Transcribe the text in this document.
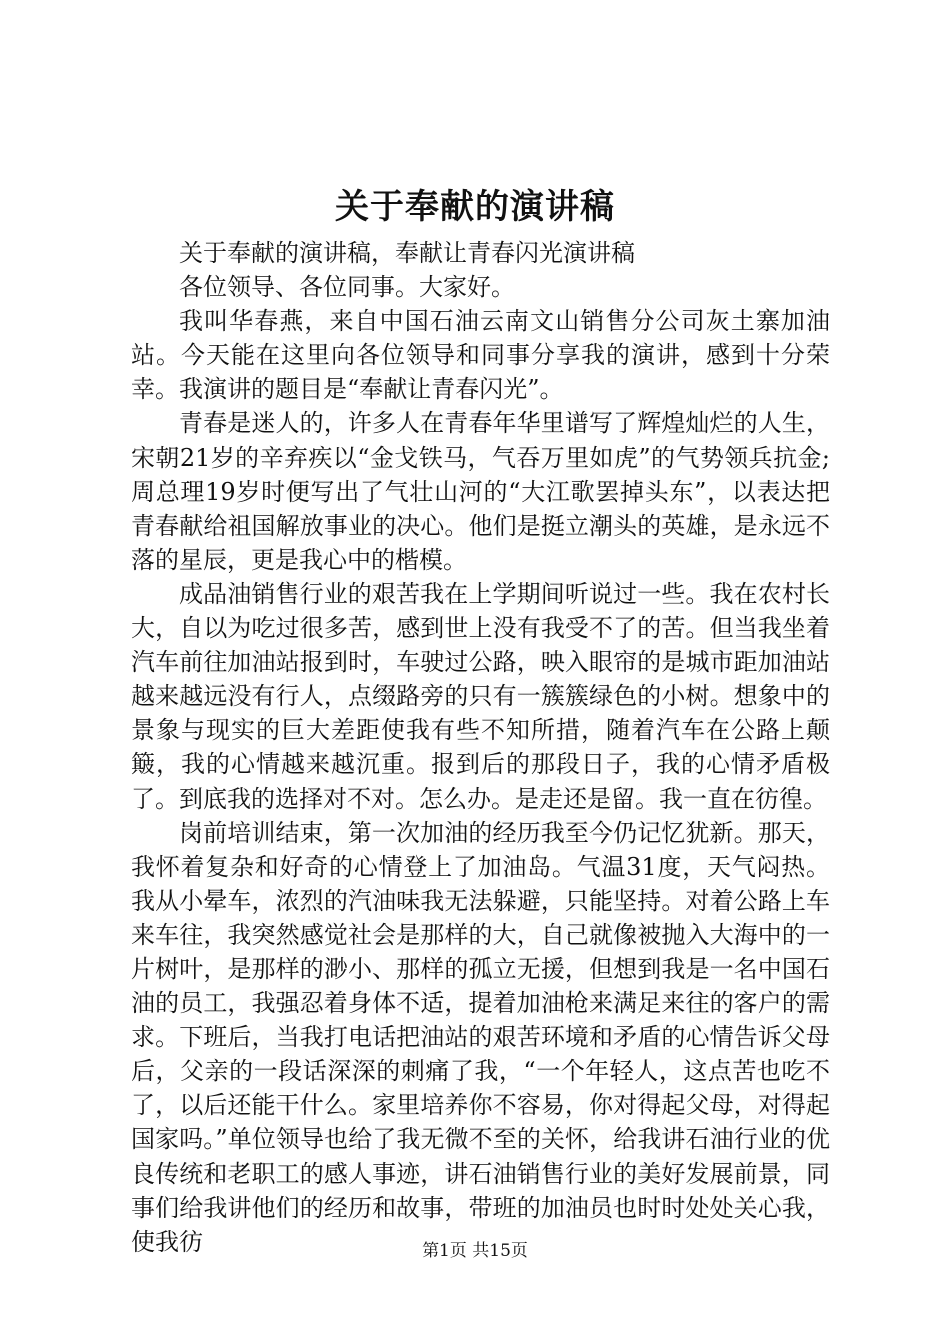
关于奉献的演讲稿

关于奉献的演讲稿，奉献让青春闪光演讲稿

各位领导、各位同事。大家好。

我叫华春燕，来自中国石油云南文山销售分公司灰土寨加油站。今天能在这里向各位领导和同事分享我的演讲，感到十分荣幸。我演讲的题目是“奉献让青春闪光”。

青春是迷人的，许多人在青春年华里谱写了辉煌灿烂的人生，宋朝21岁的辛弃疾以“金戈铁马，气吞万里如虎”的气势领兵抗金;周总理19岁时便写出了气壮山河的“大江歌罢掉头东”，以表达把青春献给祖国解放事业的决心。他们是挺立潮头的英雄，是永远不落的星辰，更是我心中的楷模。

成品油销售行业的艰苦我在上学期间听说过一些。我在农村长大，自以为吃过很多苦，感到世上没有我受不了的苦。但当我坐着汽车前往加油站报到时，车驶过公路，映入眼帘的是城市距加油站越来越远没有行人，点缀路旁的只有一簇簇绿色的小树。想象中的景象与现实的巨大差距使我有些不知所措，随着汽车在公路上颠簸，我的心情越来越沉重。报到后的那段日子，我的心情矛盾极了。到底我的选择对不对。怎么办。是走还是留。我一直在彷徨。

岗前培训结束，第一次加油的经历我至今仍记忆犹新。那天，我怀着复杂和好奇的心情登上了加油岛。气温31度，天气闷热。我从小晕车，浓烈的汽油味我无法躲避，只能坚持。对着公路上车来车往，我突然感觉社会是那样的大，自己就像被抛入大海中的一片树叶，是那样的渺小、那样的孤立无援，但想到我是一名中国石油的员工，我强忍着身体不适，提着加油枪来满足来往的客户的需求。下班后，当我打电话把油站的艰苦环境和矛盾的心情告诉父母后，父亲的一段话深深的刺痛了我，“一个年轻人，这点苦也吃不了，以后还能干什么。家里培养你不容易，你对得起父母，对得起国家吗。”单位领导也给了我无微不至的关怀，给我讲石油行业的优良传统和老职工的感人事迹，讲石油销售行业的美好发展前景，同事们给我讲他们的经历和故事，带班的加油员也时时处处关心我，使我彷	第1页 共15页
